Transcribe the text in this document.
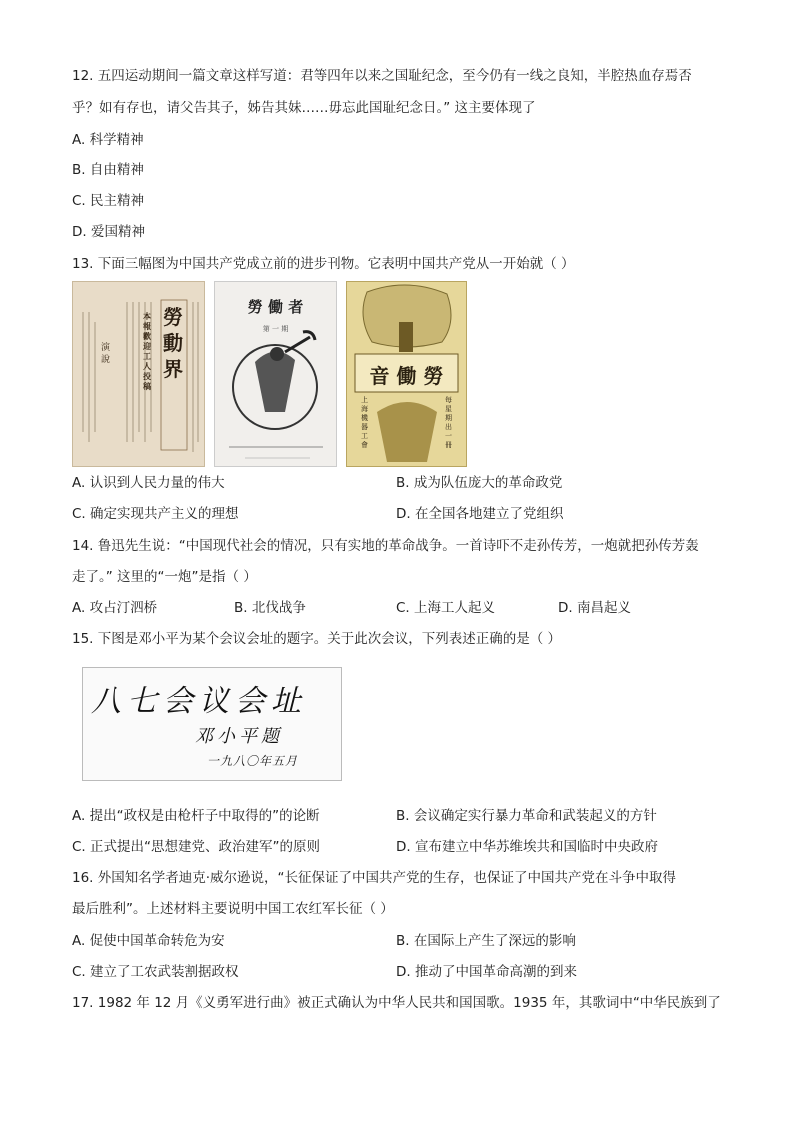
12. 五四运动期间一篇文章这样写道：君等四年以来之国耻纪念，至今仍有一线之良知，半腔热血存焉否
乎？如有存也，请父告其子，姊告其妹……毋忘此国耻纪念日。” 这主要体现了
A. 科学精神
B. 自由精神
C. 民主精神
D. 爱国精神
13. 下面三幅图为中国共产党成立前的进步刊物。它表明中国共产党从一开始就（ ）
勞動界
本報歡迎工人投稿
演說
勞 働 者
第 一 期
音 働 勞
每星期出一冊
上海機器工會
A. 认识到人民力量的伟大	B. 成为队伍庞大的革命政党
C. 确定实现共产主义的理想	D. 在全国各地建立了党组织
14. 鲁迅先生说：“中国现代社会的情况，只有实地的革命战争。一首诗吓不走孙传芳，一炮就把孙传芳轰
走了。” 这里的“一炮”是指（ ）
A. 攻占汀泗桥	B. 北伐战争	C. 上海工人起义	D. 南昌起义
15. 下图是邓小平为某个会议会址的题字。关于此次会议，下列表述正确的是（ ）
八七会议会址
邓小平题
一九八〇年五月
A. 提出“政权是由枪杆子中取得的”的论断	B. 会议确定实行暴力革命和武装起义的方针
C. 正式提出“思想建党、政治建军”的原则	D. 宣布建立中华苏维埃共和国临时中央政府
16. 外国知名学者迪克·威尔逊说，“长征保证了中国共产党的生存，也保证了中国共产党在斗争中取得
最后胜利”。上述材料主要说明中国工农红军长征（ ）
A. 促使中国革命转危为安	B. 在国际上产生了深远的影响
C. 建立了工农武装割据政权	D. 推动了中国革命高潮的到来
17. 1982 年 12 月《义勇军进行曲》被正式确认为中华人民共和国国歌。1935 年，其歌词中“中华民族到了
